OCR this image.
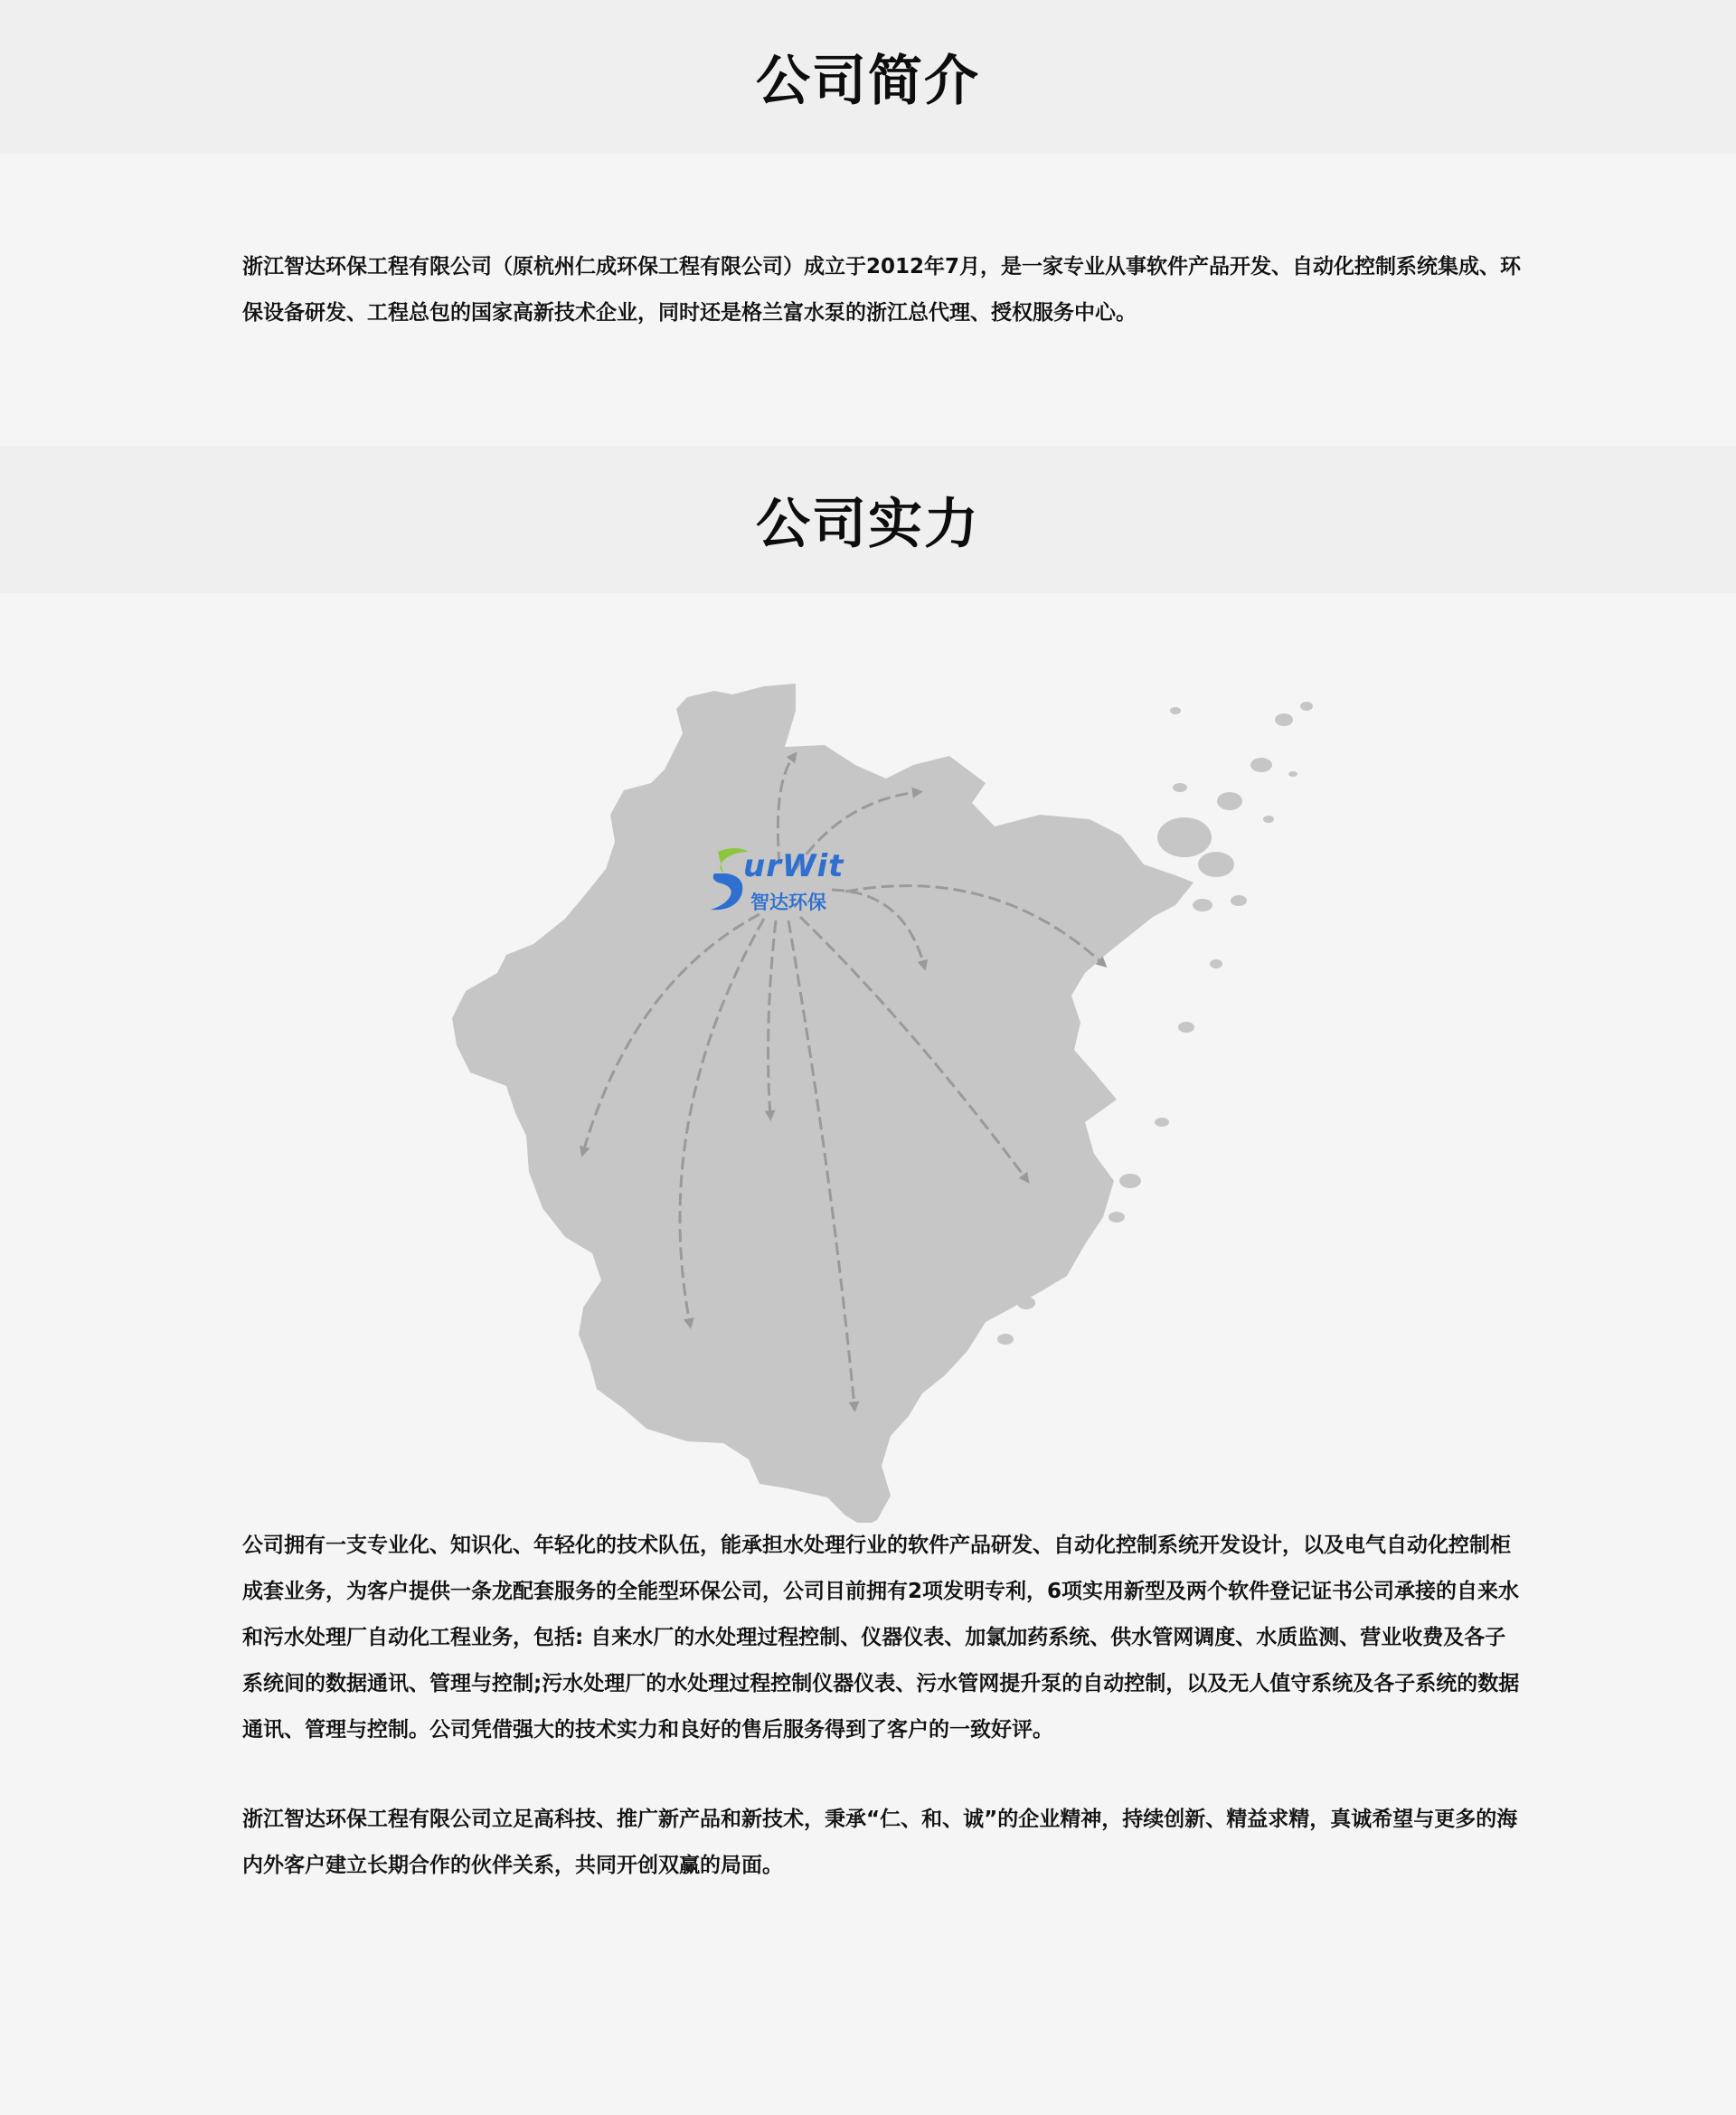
公司简介

浙江智达环保工程有限公司（原杭州仁成环保工程有限公司）成立于2012年7月，是一家专业从事软件产品开发、自动化控制系统集成、环保设备研发、工程总包的国家高新技术企业，同时还是格兰富水泵的浙江总代理、授权服务中心。

公司实力
urWit
智达环保

公司拥有一支专业化、知识化、年轻化的技术队伍，能承担水处理行业的软件产品研发、自动化控制系统开发设计，以及电气自动化控制柜成套业务，为客户提供一条龙配套服务的全能型环保公司，公司目前拥有2项发明专利，6项实用新型及两个软件登记证书公司承接的自来水和污水处理厂自动化工程业务，包括: 自来水厂的水处理过程控制、仪器仪表、加氯加药系统、供水管网调度、水质监测、营业收费及各子系统间的数据通讯、管理与控制;污水处理厂的水处理过程控制仪器仪表、污水管网提升泵的自动控制，以及无人值守系统及各子系统的数据通讯、管理与控制。公司凭借强大的技术实力和良好的售后服务得到了客户的一致好评。

浙江智达环保工程有限公司立足高科技、推广新产品和新技术，秉承“仁、和、诚”的企业精神，持续创新、精益求精，真诚希望与更多的海内外客户建立长期合作的伙伴关系，共同开创双赢的局面。
